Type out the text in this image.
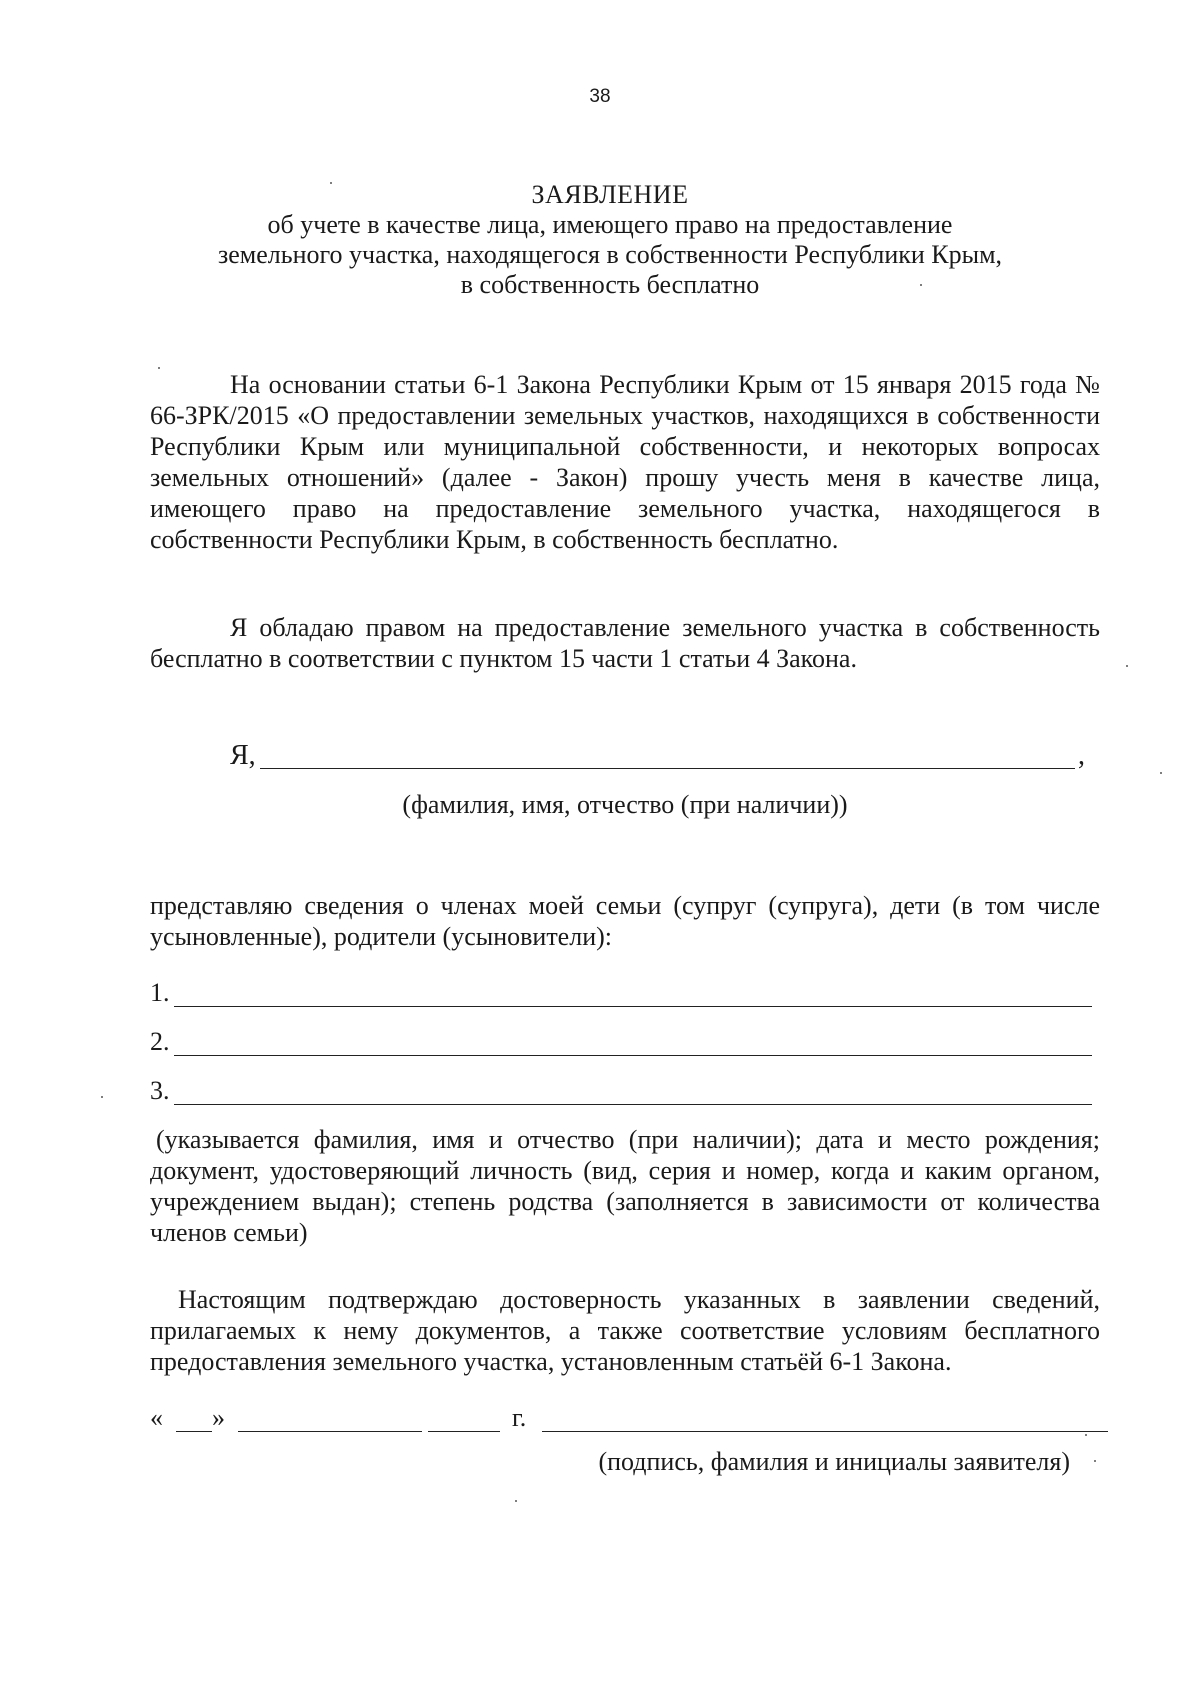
38
ЗАЯВЛЕНИЕ
об учете в качестве лица, имеющего право на предоставление
земельного участка, находящегося в собственности Республики Крым,
в собственность бесплатно
На основании статьи 6-1 Закона Республики Крым от 15 января 2015 года № 66-ЗРК/2015 «О предоставлении земельных участков, находящихся в собственности Республики Крым или муниципальной собственности, и некоторых вопросах земельных отношений» (далее - Закон) прошу учесть меня в качестве лица, имеющего право на предоставление земельного участка, находящегося в собственности Республики Крым, в собственность бесплатно.
Я обладаю правом на предоставление земельного участка в собственность бесплатно в соответствии с пунктом 15 части 1 статьи 4 Закона.
Я,	,
(фамилия, имя, отчество (при наличии))
представляю сведения о членах моей семьи (супруг (супруга), дети (в том числе усыновленные), родители (усыновители):
1.
2.
3.
(указывается фамилия, имя и отчество (при наличии); дата и место рождения; документ, удостоверяющий личность (вид, серия и номер, когда и каким органом, учреждением выдан); степень родства (заполняется в зависимости от количества членов семьи)
Настоящим подтверждаю достоверность указанных в заявлении сведений, прилагаемых к нему документов, а также соответствие условиям бесплатного предоставления земельного участка, установленным статьёй 6-1 Закона.
« »	г.
(подпись, фамилия и инициалы заявителя)
